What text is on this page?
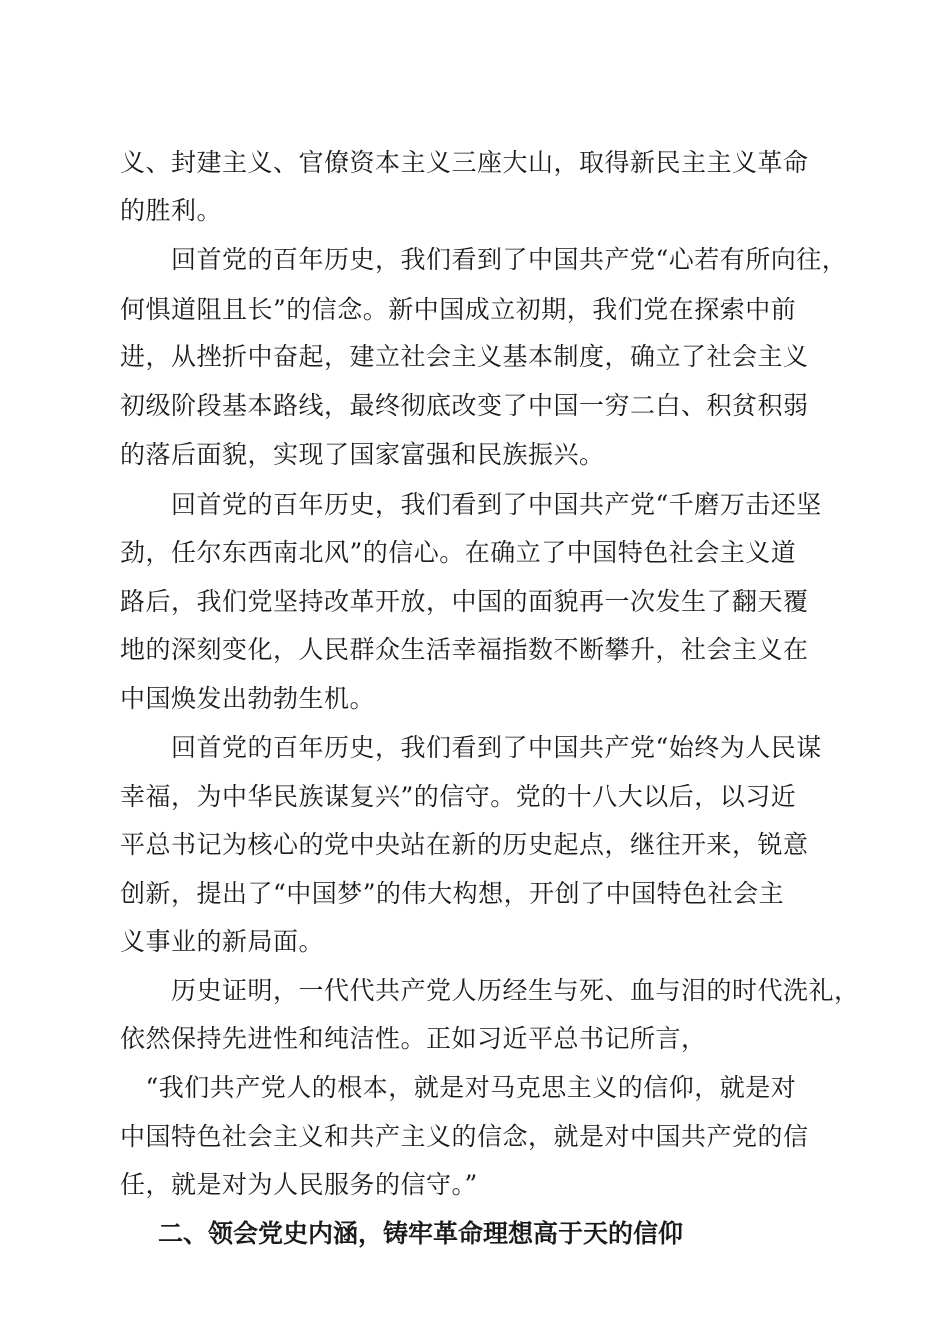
义、封建主义、官僚资本主义三座大山，取得新民主主义革命
的胜利。
　　回首党的百年历史，我们看到了中国共产党“心若有所向往，
何惧道阻且长”的信念。新中国成立初期，我们党在探索中前
进，从挫折中奋起，建立社会主义基本制度，确立了社会主义
初级阶段基本路线，最终彻底改变了中国一穷二白、积贫积弱
的落后面貌，实现了国家富强和民族振兴。
　　回首党的百年历史，我们看到了中国共产党“千磨万击还坚
劲，任尔东西南北风”的信心。在确立了中国特色社会主义道
路后，我们党坚持改革开放，中国的面貌再一次发生了翻天覆
地的深刻变化，人民群众生活幸福指数不断攀升，社会主义在
中国焕发出勃勃生机。
　　回首党的百年历史，我们看到了中国共产党“始终为人民谋
幸福，为中华民族谋复兴”的信守。党的十八大以后，以习近
平总书记为核心的党中央站在新的历史起点，继往开来，锐意
创新，提出了“中国梦”的伟大构想，开创了中国特色社会主
义事业的新局面。
　　历史证明，一代代共产党人历经生与死、血与泪的时代洗礼，
依然保持先进性和纯洁性。正如习近平总书记所言，
　“我们共产党人的根本，就是对马克思主义的信仰，就是对
中国特色社会主义和共产主义的信念，就是对中国共产党的信
任，就是对为人民服务的信守。”
二、领会党史内涵，铸牢革命理想高于天的信仰
